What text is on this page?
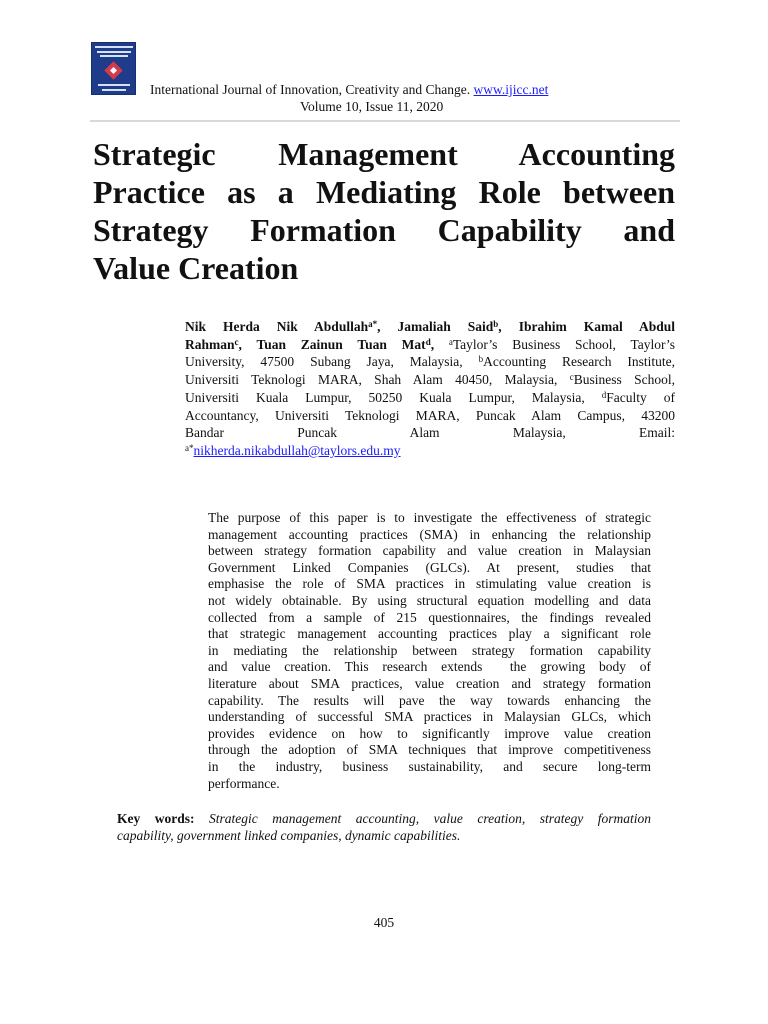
International Journal of Innovation, Creativity and Change. www.ijicc.net
Volume 10, Issue 11, 2020
Strategic Management Accounting
Practice as a Mediating Role between
Strategy Formation Capability and
Value Creation
Nik Herda Nik Abdullah$^{a*}$, Jamaliah Said$^b$, Ibrahim Kamal Abdul
Rahman$^c$, Tuan Zainun Tuan Mat$^d$, $^a$Taylor’s Business School, Taylor’s
University, 47500 Subang Jaya, Malaysia, $^b$Accounting Research Institute,
Universiti Teknologi MARA, Shah Alam 40450, Malaysia, $^c$Business School,
Universiti Kuala Lumpur, 50250 Kuala Lumpur, Malaysia, $^d$Faculty of
Accountancy, Universiti Teknologi MARA, Puncak Alam Campus, 43200
Bandar Puncak Alam Malaysia, Email:
$^{a*}$nikherda.nikabdullah@taylors.edu.my
The purpose of this paper is to investigate the effectiveness of strategic
management accounting practices (SMA) in enhancing the relationship
between strategy formation capability and value creation in Malaysian
Government Linked Companies (GLCs). At present, studies that
emphasise the role of SMA practices in stimulating value creation is
not widely obtainable. By using structural equation modelling and data
collected from a sample of 215 questionnaires, the findings revealed
that strategic management accounting practices play a significant role
in mediating the relationship between strategy formation capability
and value creation. This research extends  the growing body of
literature about SMA practices, value creation and strategy formation
capability. The results will pave the way towards enhancing the
understanding of successful SMA practices in Malaysian GLCs, which
provides evidence on how to significantly improve value creation
through the adoption of SMA techniques that improve competitiveness
in the industry, business sustainability, and secure long-term
performance.
Key words: Strategic management accounting, value creation, strategy formation
capability, government linked companies, dynamic capabilities.
405
